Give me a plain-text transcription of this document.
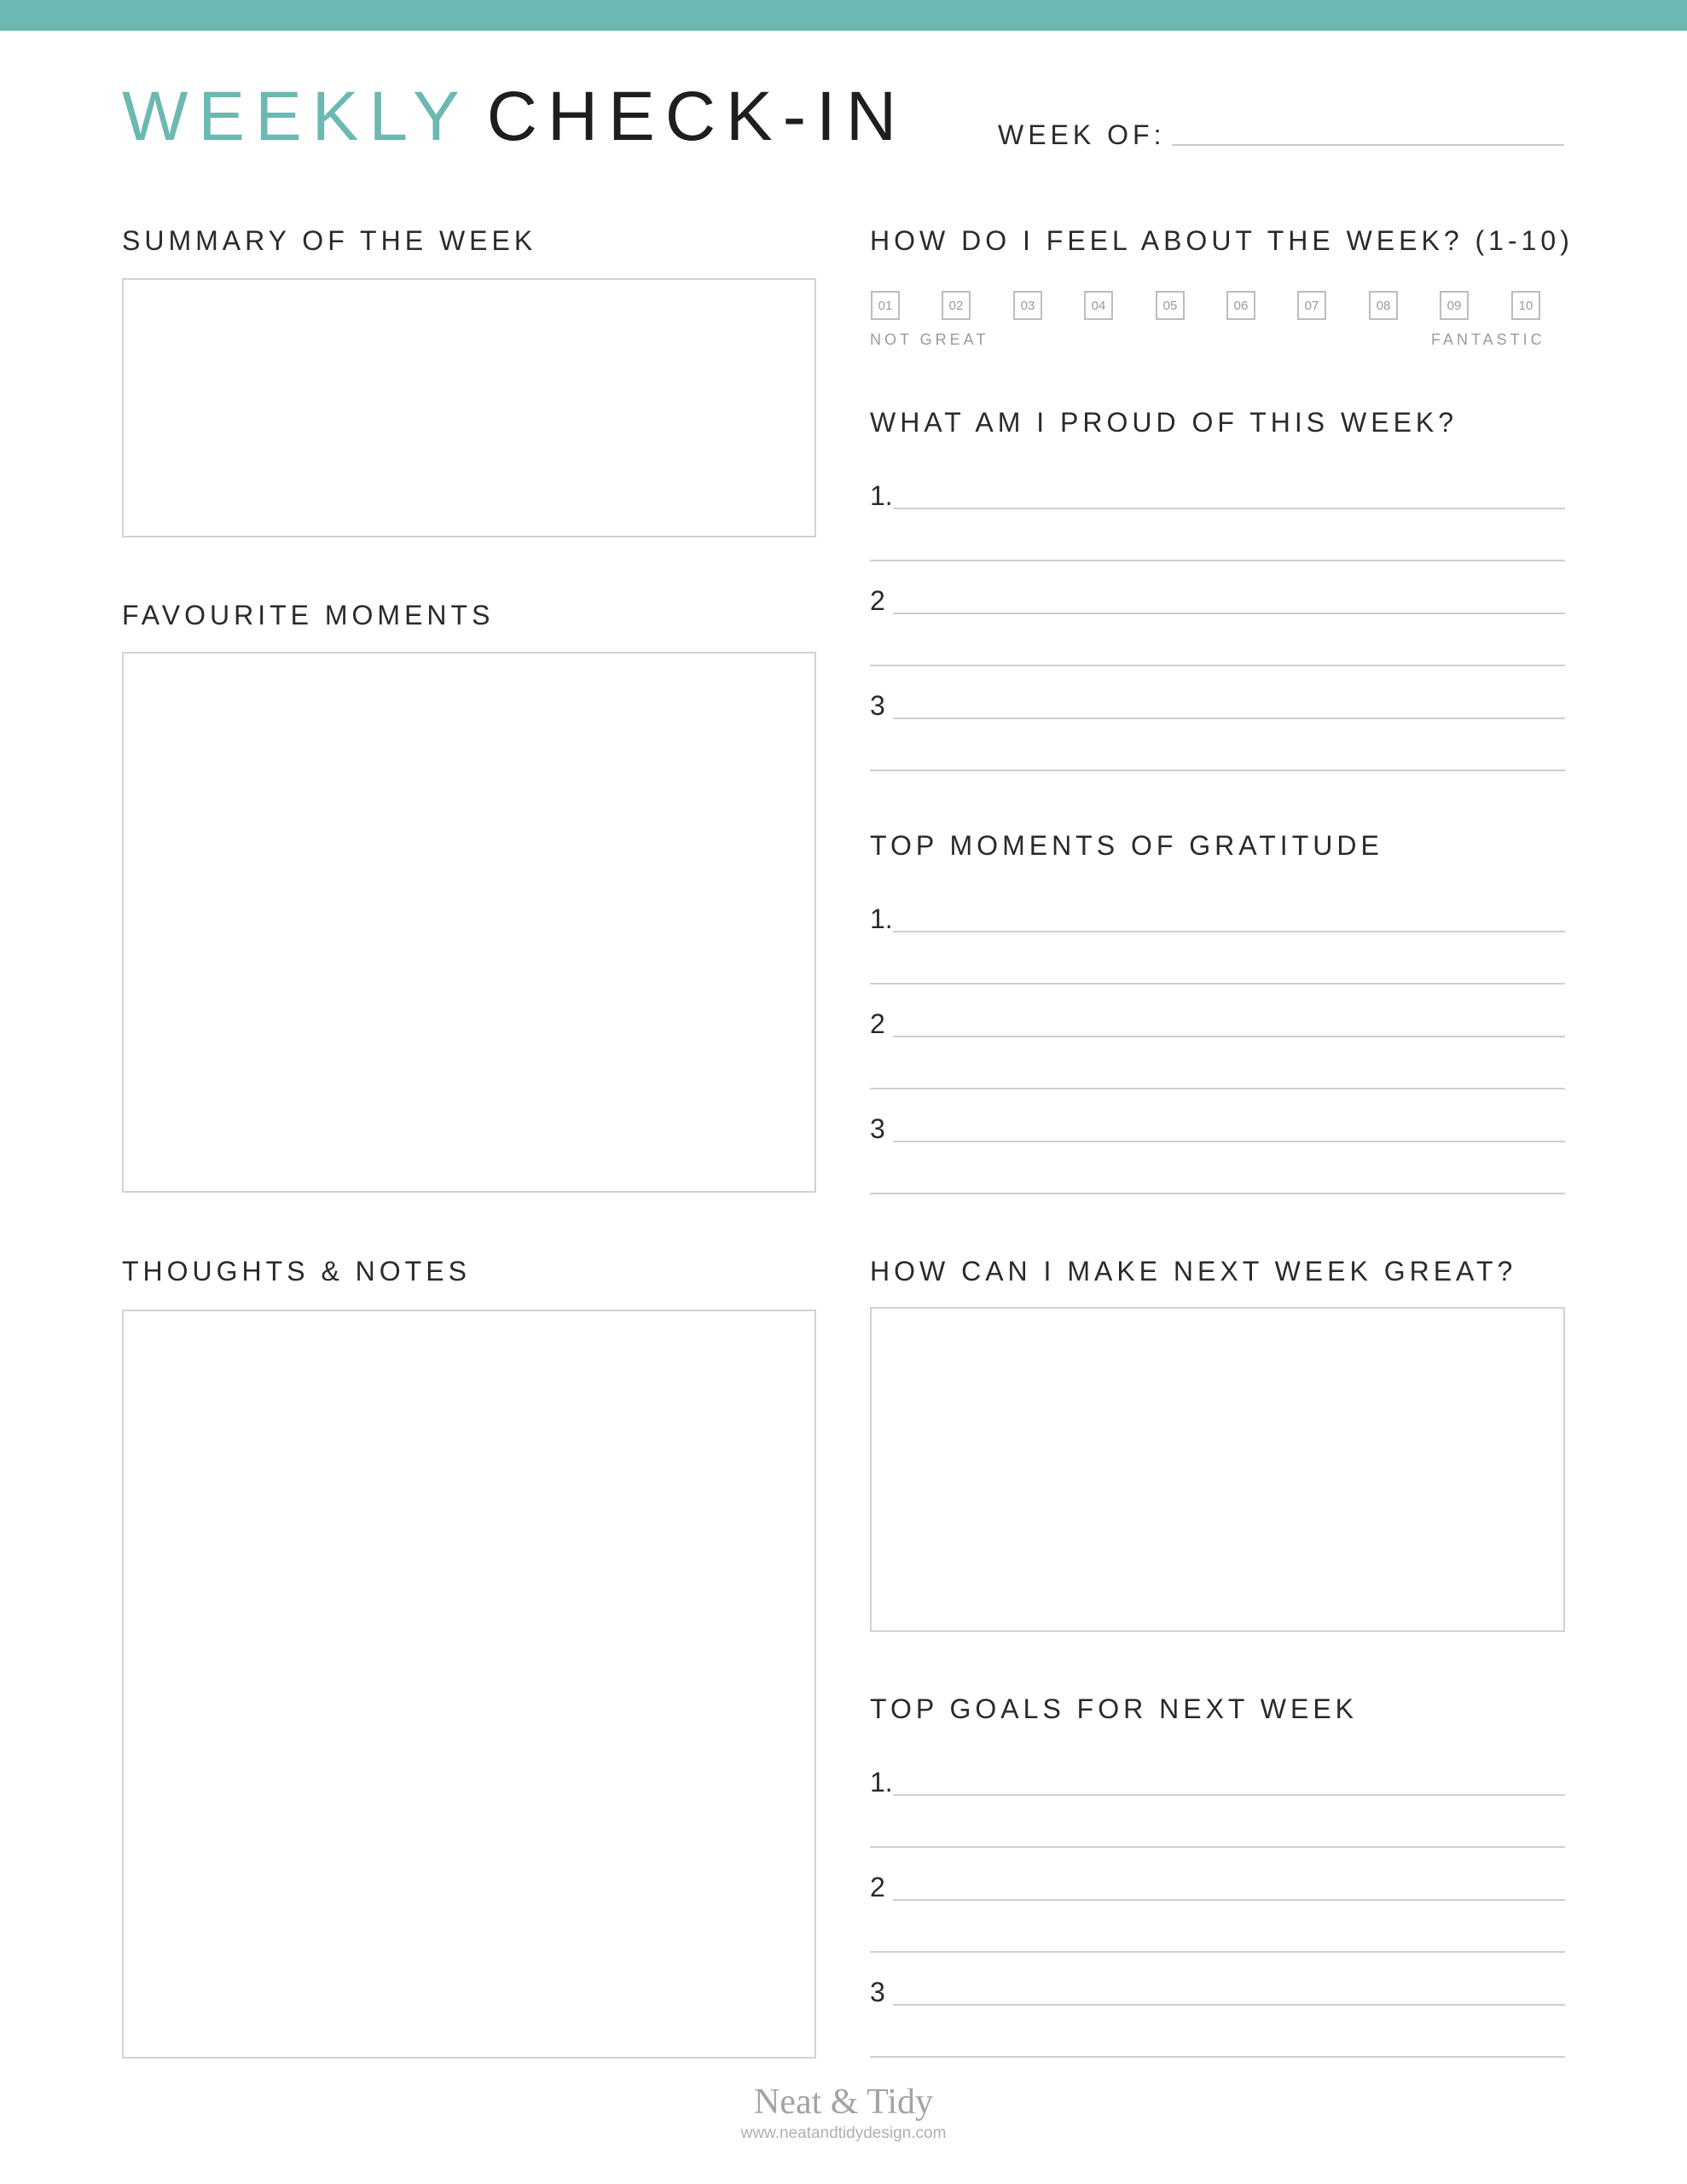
WEEKLY CHECK-IN	WEEK OF:
SUMMARY OF THE WEEK
FAVOURITE MOMENTS
THOUGHTS & NOTES
HOW DO I FEEL ABOUT THE WEEK? (1-10)
01	02	03	04	05	06	07	08	09	10
NOT GREAT	FANTASTIC
WHAT AM I PROUD OF THIS WEEK?
1.
2
3
TOP MOMENTS OF GRATITUDE
1.
2
3
HOW CAN I MAKE NEXT WEEK GREAT?
TOP GOALS FOR NEXT WEEK
1.
2
3
Neat & Tidy
www.neatandtidydesign.com
